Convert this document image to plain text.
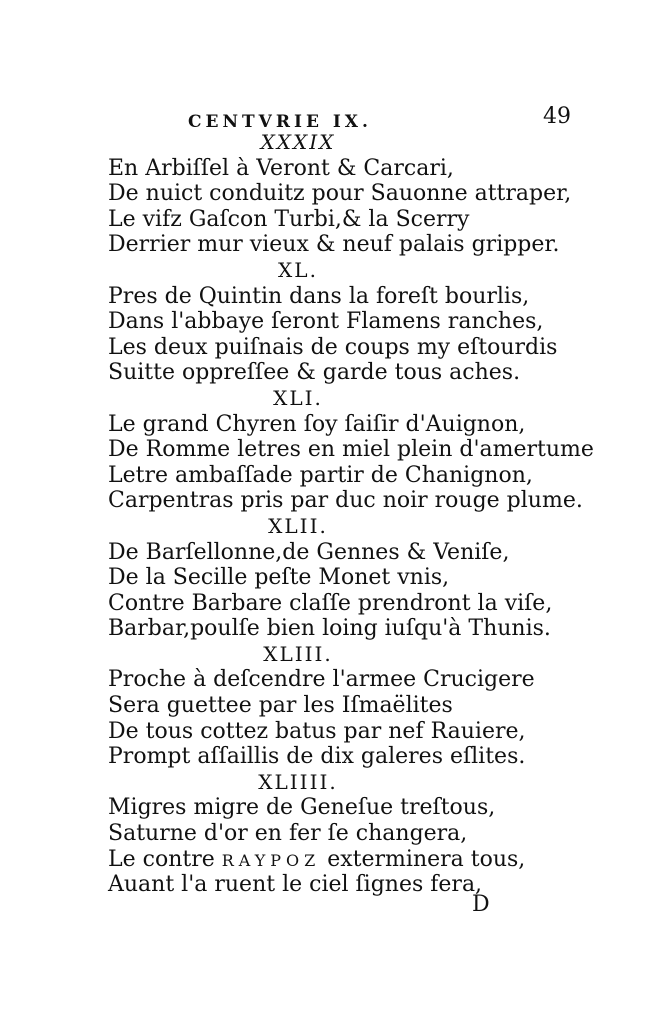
CENTVRIE IX.	49
XXXIX
En Arbiſſel à Veront & Carcari,
De nuict conduitz pour Sauonne attraper,
Le vifz Gaſcon Turbi,& la Scerry
Derrier mur vieux & neuf palais gripper.
XL.
Pres de Quintin dans la foreſt bourlis,
Dans l'abbaye ſeront Flamens ranches,
Les deux puiſnais de coups my eſtourdis
Suitte oppreſſee & garde tous aches.
XLI.
Le grand Chyren ſoy ſaiſir d'Auignon,
De Romme letres en miel plein d'amertume
Letre ambaſſade partir de Chanignon,
Carpentras pris par duc noir rouge plume.
XLII.
De Barſellonne,de Gennes & Veniſe,
De la Secille peſte Monet vnis,
Contre Barbare claſſe prendront la viſe,
Barbar,poulſe bien loing iuſqu'à Thunis.
XLIII.
Proche à deſcendre l'armee Crucigere
Sera guettee par les Iſmaëlites
De tous cottez batus par nef Rauiere,
Prompt aſſaillis de dix galeres eſlites.
XLIIII.
Migres migre de Geneſue treſtous,
Saturne d'or en fer ſe changera,
Le contre RAYPOZ exterminera tous,
Auant l'a ruent le ciel ſignes fera,
D
